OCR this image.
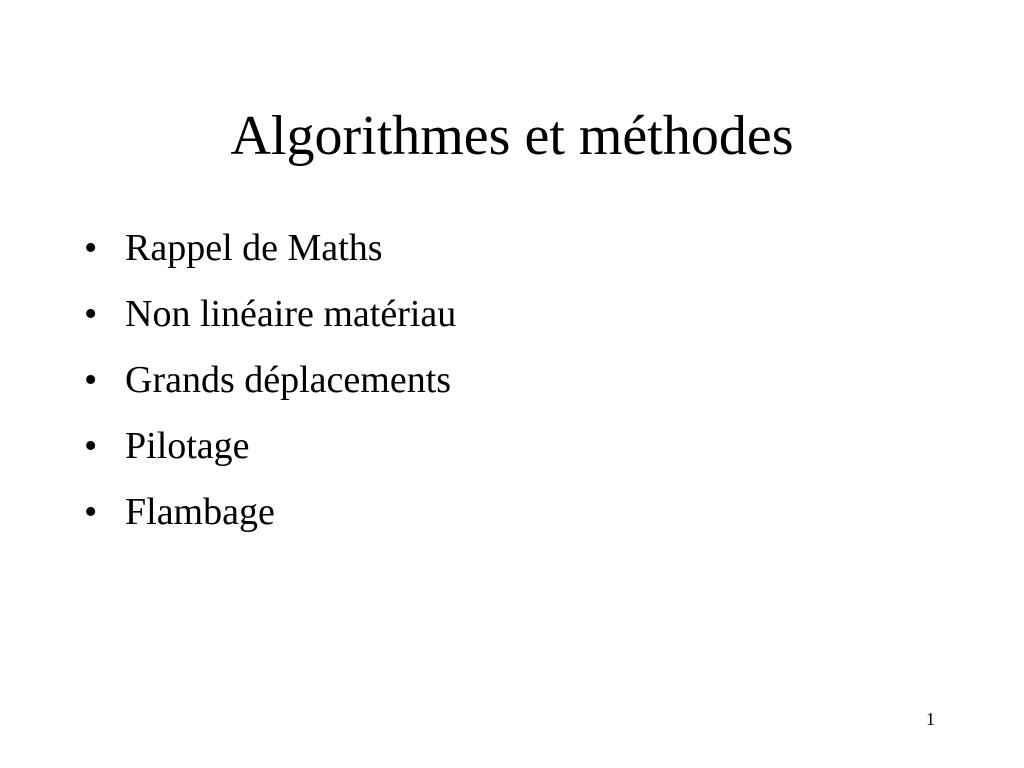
Algorithmes et méthodes
• Rappel de Maths
• Non linéaire matériau
• Grands déplacements
• Pilotage
• Flambage
1
